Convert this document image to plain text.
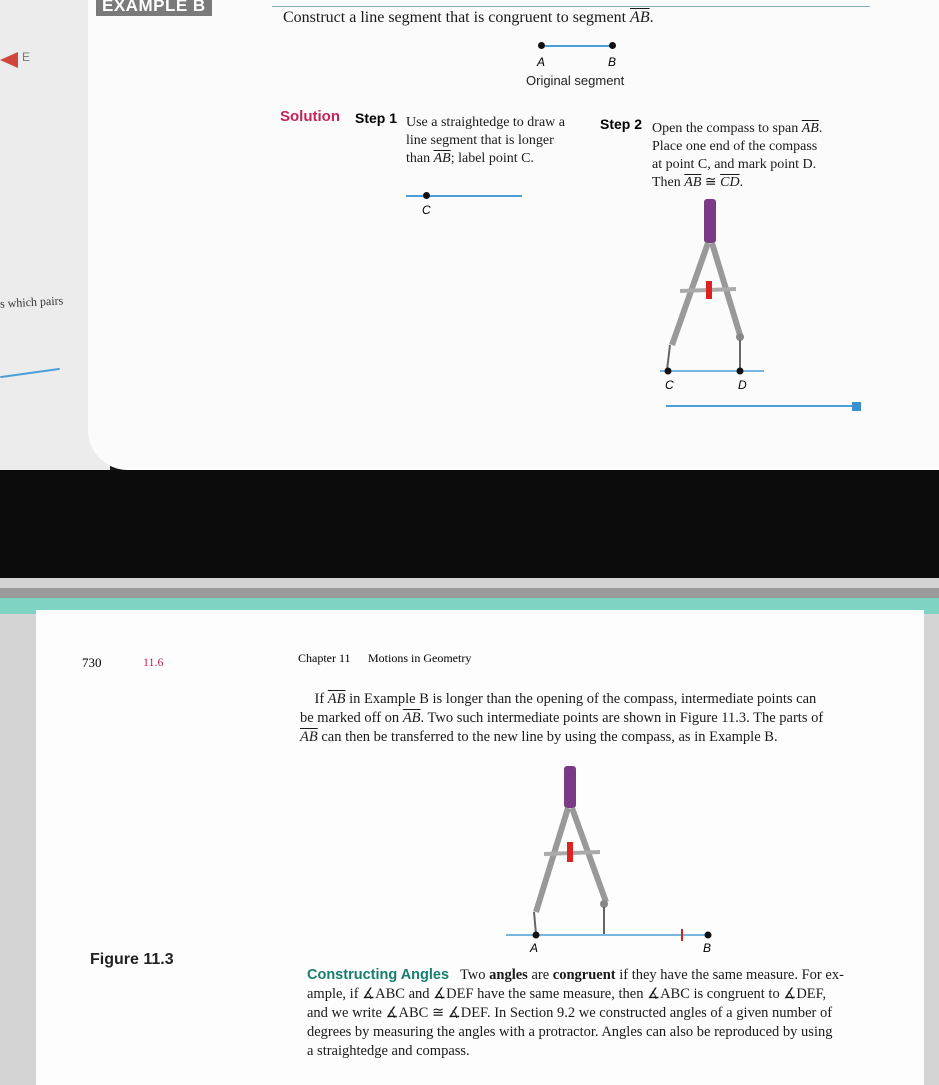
E
s which pairs
EXAMPLE B
Construct a line segment that is congruent to segment $\overline{AB}$.
A	B
Original segment
Solution Step 1 Use a straightedge to draw a

line segment that is longer

than $\overline{AB}$; label point C.

C
Step 2 Open the compass to span $\overline{AB}$.

Place one end of the compass

at point C, and mark point D.

Then $\overline{AB}$ ≅ $\overline{CD}$.

C	D
730	11.6	Chapter 11 Motions in Geometry

If $\overline{AB}$ in Example B is longer than the opening of the compass, intermediate points can

be marked off on $\overline{AB}$. Two such intermediate points are shown in Figure 11.3. The parts of

$\overline{AB}$ can then be transferred to the new line by using the compass, as in Example B.

A	B
Figure 11.3

Constructing Angles Two angles are congruent if they have the same measure. For ex-

ample, if ∡ABC and ∡DEF have the same measure, then ∡ABC is congruent to ∡DEF,

and we write ∡ABC ≅ ∡DEF. In Section 9.2 we constructed angles of a given number of

degrees by measuring the angles with a protractor. Angles can also be reproduced by using

a straightedge and compass.
